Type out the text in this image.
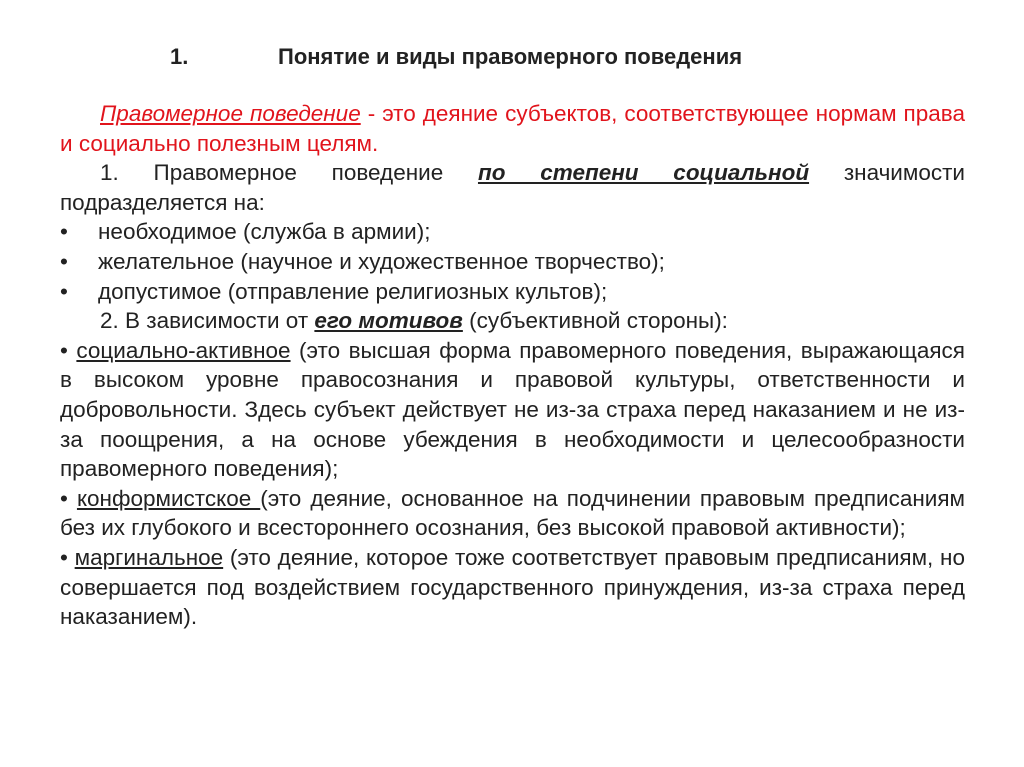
1.	Понятие и виды правомерного поведения

Правомерное поведение - это деяние субъектов, соответствующее нормам права и социально полезным целям.

1. Правомерное поведение по степени социальной значимости подразделяется на:

• необходимое (служба в армии);
• желательное (научное и художественное творчество);
• допустимое (отправление религиозных культов);

2. В зависимости от его мотивов (субъективной стороны):

• социально-активное (это высшая форма правомерного поведения, выражающаяся в высоком уровне правосознания и правовой культуры, ответственности и добровольности. Здесь субъект действует не из-за страха перед наказанием и не из-за поощрения, а на основе убеждения в необходимости и целесообразности правомерного поведения);

• конформистское (это деяние, основанное на подчинении правовым предписаниям без их глубокого и всестороннего осознания, без высокой правовой активности);

• маргинальное (это деяние, которое тоже соответствует правовым предписаниям, но совершается под воздействием государственного принуждения, из-за страха перед наказанием).
